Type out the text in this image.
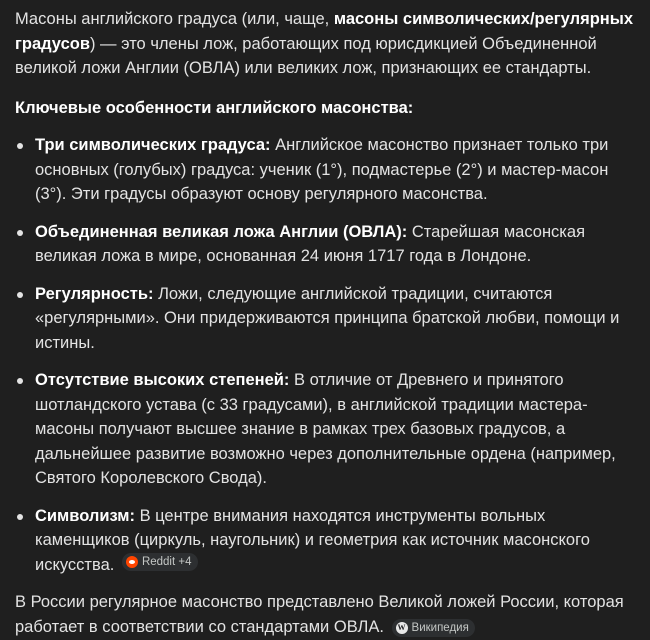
Масоны английского градуса (или, чаще, масоны символических/регулярных градусов) — это члены лож, работающих под юрисдикцией Объединенной великой ложи Англии (ОВЛА) или великих лож, признающих ее стандарты.

Ключевые особенности английского масонства:

Три символических градуса: Английское масонство признает только три основных (голубых) градуса: ученик (1°), подмастерье (2°) и мастер-масон (3°). Эти градусы образуют основу регулярного масонства.
Объединенная великая ложа Англии (ОВЛА): Старейшая масонская великая ложа в мире, основанная 24 июня 1717 года в Лондоне.
Регулярность: Ложи, следующие английской традиции, считаются «регулярными». Они придерживаются принципа братской любви, помощи и истины.
Отсутствие высоких степеней: В отличие от Древнего и принятого шотландского устава (с 33 градусами), в английской традиции мастера-масоны получают высшее знание в рамках трех базовых градусов, а дальнейшее развитие возможно через дополнительные ордена (например, Святого Королевского Свода).
Символизм: В центре внимания находятся инструменты вольных каменщиков (циркуль, наугольник) и геометрия как источник масонского искусства. Reddit +4

В России регулярное масонство представлено Великой ложей России, которая работает в соответствии со стандартами ОВЛА. W Википедия
